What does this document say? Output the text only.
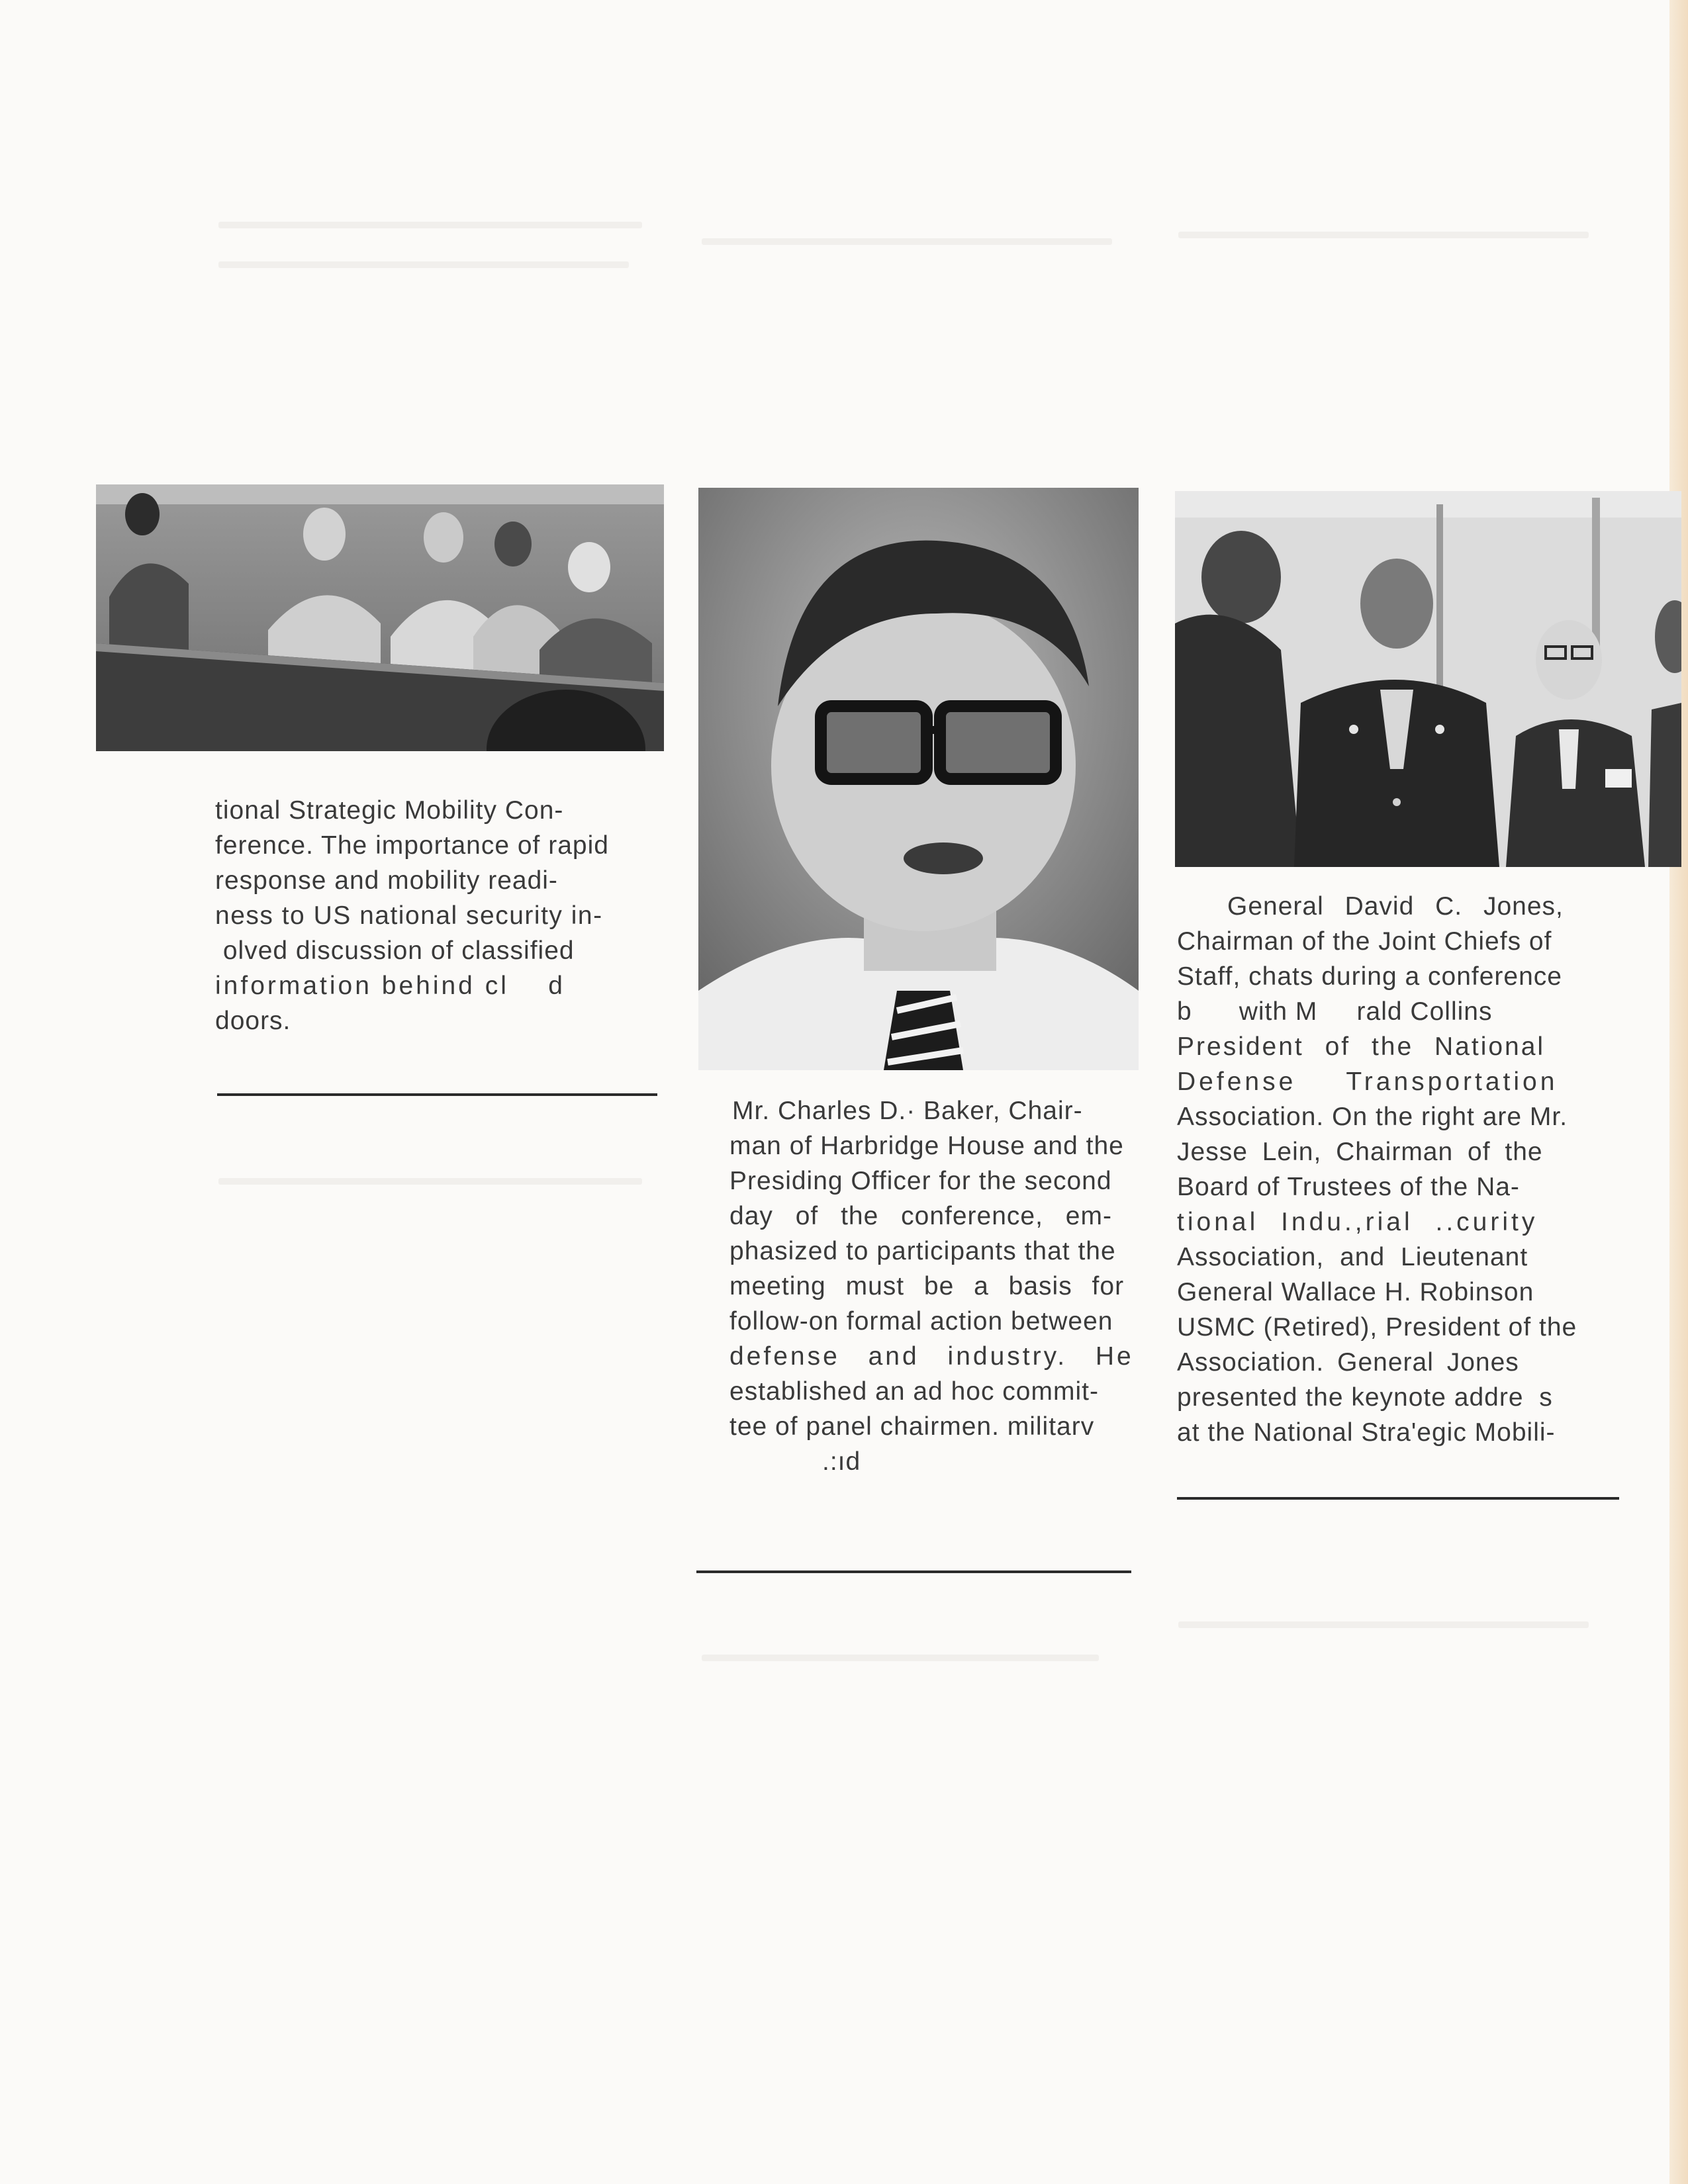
tional Strategic Mobility Con-
ference. The importance of rapid
response and mobility readi-
ness to US national security in-
olved discussion of classified
information behind cl    d
doors.

Mr. Charles D.· Baker, Chair-
man of Harbridge House and the
Presiding Officer for the second
day of the conference, em-
phasized to participants that the
meeting must be a basis for
follow-on formal action between
defense and industry. He
established an ad hoc commit-
tee of panel chairmen. militarv
.:ıd

General David C. Jones,
Chairman of the Joint Chiefs of
Staff, chats during a conference
b      with M     rald Collins
President of the National
Defense Transportation
Association. On the right are Mr.
Jesse Lein, Chairman of the
Board of Trustees of the Na-
tional Indu.,rial ..curity
Association, and Lieutenant
General Wallace H. Robinson
USMC (Retired), President of the
Association. General Jones
presented the keynote addre  s
at the National Stra'egic Mobili-
